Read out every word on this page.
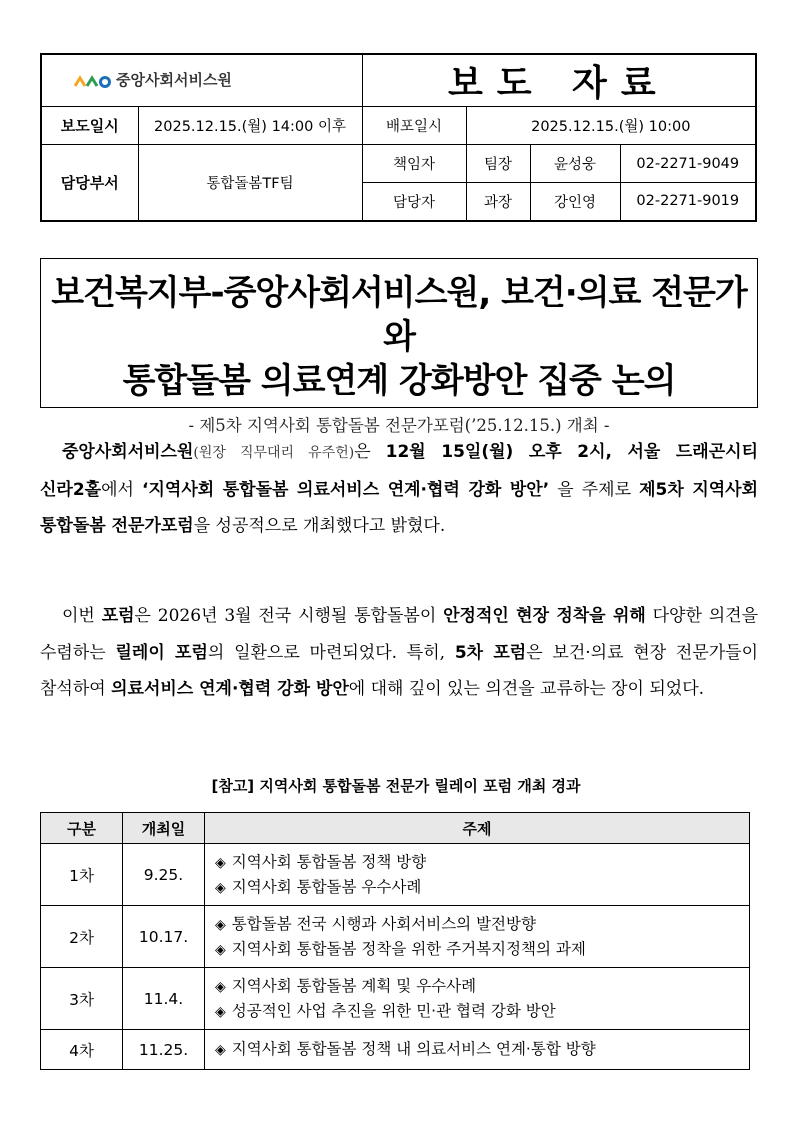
중앙사회서비스원		보도 자료			
보도일시	2025.12.15.(월) 14:00 이후	배포일시	2025.12.15.(월) 10:00		
담당부서	통합돌봄TF팀	책임자	팀장	윤성웅	02-2271-9049
		담당자	과장	강인영	02-2271-9019
보건복지부-중앙사회서비스원, 보건·의료 전문가와
통합돌봄 의료연계 강화방안 집중 논의
- 제5차 지역사회 통합돌봄 전문가포럼(’25.12.15.) 개최 -
중앙사회서비스원(원장 직무대리 유주헌)은 12월 15일(월) 오후 2시, 서울 드래곤시티 신라2홀에서 ‘지역사회 통합돌봄 의료서비스 연계·협력 강화 방안’ 을 주제로 제5차 지역사회 통합돌봄 전문가포럼을 성공적으로 개최했다고 밝혔다.
이번 포럼은 2026년 3월 전국 시행될 통합돌봄이 안정적인 현장 정착을 위해 다양한 의견을 수렴하는 릴레이 포럼의 일환으로 마련되었다. 특히, 5차 포럼은 보건·의료 현장 전문가들이 참석하여 의료서비스 연계·협력 강화 방안에 대해 깊이 있는 의견을 교류하는 장이 되었다.
[참고] 지역사회 통합돌봄 전문가 릴레이 포럼 개최 경과
구분	개최일	주제
1차	9.25.	◈ 지역사회 통합돌봄 정책 방향
◈ 지역사회 통합돌봄 우수사례

2차	10.17.	◈ 통합돌봄 전국 시행과 사회서비스의 발전방향
◈ 지역사회 통합돌봄 정착을 위한 주거복지정책의 과제

3차	11.4.	◈ 지역사회 통합돌봄 계획 및 우수사례
◈ 성공적인 사업 추진을 위한 민·관 협력 강화 방안

4차	11.25.	◈ 지역사회 통합돌봄 정책 내 의료서비스 연계·통합 방향
